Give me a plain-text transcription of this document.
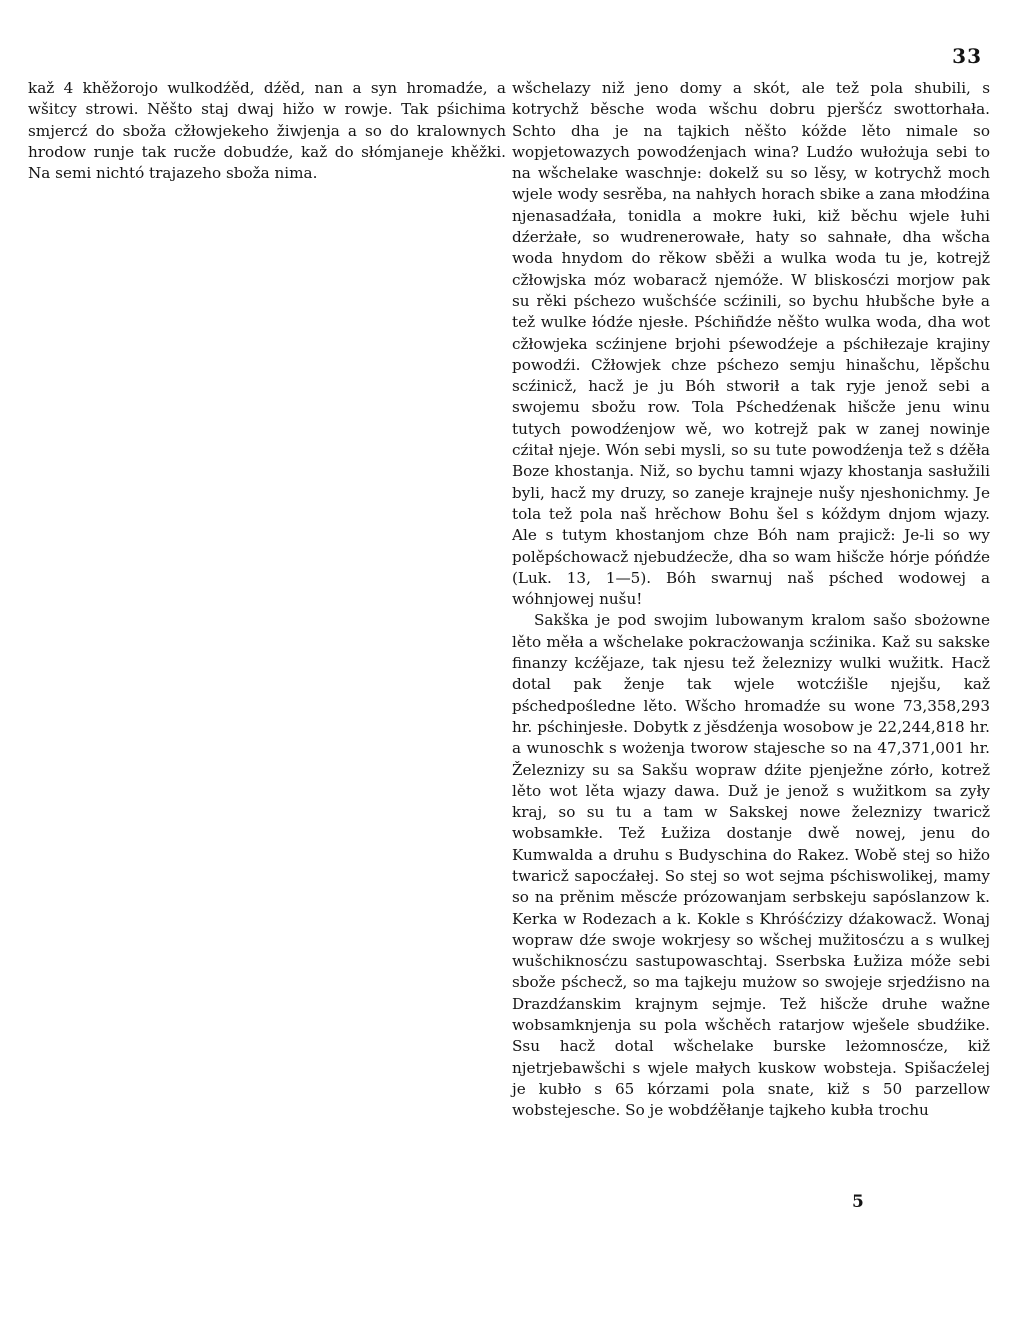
33

kaž 4 khěžorojo wulkodźěd, dźěd, nan a syn hromadźe, a wšitcy strowi. Něšto staj dwaj hižo w rowje. Tak pśichima smjercź do sboža cžłowjekeho žiwjenja a so do kralownych hrodow runje tak rucže dobudźe, kaž do słómjaneje khěžki. Na semi nichtó trajazeho sboža nima.

wšchelazy niž jeno domy a skót, ale tež pola shubili, s kotrychž běsche woda wšchu dobru pjeršćz swottorhała. Schto dha je na tajkich něšto kóžde lěto nimale so wopjetowazych powodźenjach wina? Ludźo wułożuja sebi to na wšchelake waschnje: dokelž su so lěsy, w kotrychž moch wjele wody sesrěba, na nahłych horach sbike a zana młodźina njenasadźała, tonidla a mokre łuki, kiž běchu wjele łuhi dźerżałe, so wudrenerowałe, haty so sahnałe, dha wšcha woda hnydom do rěkow sběži a wulka woda tu je, kotrejž cžłowjska móz wobaracž njemóže. W bliskosćzi morjow pak su rěki pśchezo wušchśće scźinili, so bychu hłubšche byłe a tež wulke łódźe njesłe. Pśchiñdźe něšto wulka woda, dha wot cžłowjeka scźinjene brjohi pśewodźeje a pśchiłezaje krajiny powodźi. Cžłowjek chze pśchezo semju hinašchu, lěpšchu scźinicž, hacž je ju Bóh stworił a tak ryje jenož sebi a swojemu sbožu row. Tola Pśchedźenak hišcže jenu winu tutych powodźenjow wě, wo kotrejž pak w zanej nowinje cźitał njeje. Wón sebi mysli, so su tute powodźenja tež s dźěła Boze khostanja. Niž, so bychu tamni wjazy khostanja sasłužili byli, hacž my druzy, so zaneje krajneje nušy njeshonichmy. Je tola tež pola naš hrěchow Bohu šel s kóždym dnjom wjazy. Ale s tutym khostanjom chze Bóh nam prajicž: Je-li so wy polěpśchowacž njebudźecže, dha so wam hišcže hórje póńdźe (Luk. 13, 1—5). Bóh swarnuj naš pśched wodowej a wóhnjowej nušu!

Sakška je pod swojim lubowanym kralom sašo sbożowne lěto měła a wšchelake pokracżowanja scźinika. Kaž su sakske finanzy kcźějaze, tak njesu tež železnizy wulki wužitk. Hacž dotal pak ženje tak wjele wotcźišle njejšu, kaž pśchedpośledne lěto. Wšcho hromadźe su wone 73,358,293 hr. pśchinjesłe. Dobytk z jěsdźenja wosobow je 22,244,818 hr. a wunoschk s wożenja tworow stajesche so na 47,371,001 hr. Železnizy su sa Sakšu wopraw dźite pjenježne zórło, kotrež lěto wot lěta wjazy dawa. Duž je jenož s wužitkom sa zyły kraj, so su tu a tam w Sakskej nowe železnizy twaricž wobsamkłe. Tež Łužiza dostanje dwě nowej, jenu do Kumwalda a druhu s Budyschina do Rakez. Wobě stej so hižo twaricž sapocźałej. So stej so wot sejma pśchiswolikej, mamy so na prěnim měscźe prózowanjam serbskeju sapóslanzow k. Kerka w Rodezach a k. Kokle s Khróśćzizy dźakowacž. Wonaj wopraw dźe swoje wokrjesy so wšchej mužitosćzu a s wulkej wušchiknosćzu sastupowaschtaj. Sserbska Łužiza móže sebi sbože pśchecž, so ma tajkeju mużow so swojeje srjedźisno na Drazdźanskim krajnym sejmje. Tež hišcže druhe wažne wobsamknjenja su pola wšchěch ratarjow wješele sbudźike. Ssu hacž dotal wšchelake burske leżomnosćze, kiž njetrjebawšchi s wjele małych kuskow wobsteja. Spišacźelej je kubło s 65 kórzami pola snate, kiž s 50 parzellow wobstejesche. So je wobdźěłanje tajkeho kubła trochu

5
